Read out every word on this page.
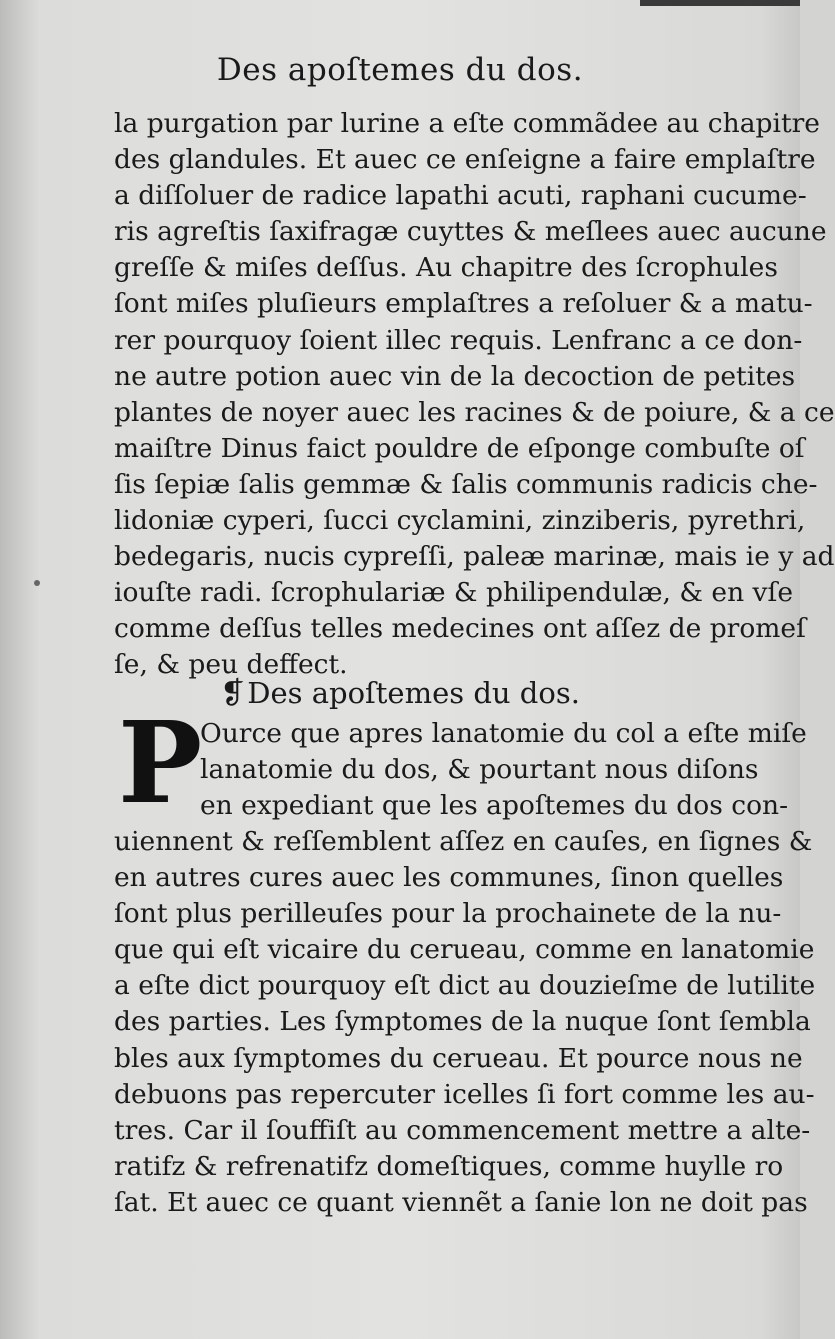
Des apoſtemes du dos.
la purgation par lurine a eſte commãdee au chapitre
des glandules. Et auec ce enſeigne a faire emplaſtre
a diſſoluer de radice lapathi acuti, raphani cucume-
ris agreſtis ſaxifragæ cuyttes & meſlees auec aucune
greſſe & miſes deſſus. Au chapitre des ſcrophules
ſont miſes pluſieurs emplaſtres a reſoluer & a matu-
rer pourquoy ſoient illec requis. Lenfranc a ce don-
ne autre potion auec vin de la decoction de petites
plantes de noyer auec les racines & de poiure, & a ce
maiſtre Dinus faict pouldre de eſponge combuſte oſ
ſis ſepiæ ſalis gemmæ & ſalis communis radicis che-
lidoniæ cyperi, ſucci cyclamini, zinziberis, pyrethri,
bedegaris, nucis cypreſſi, paleæ marinæ, mais ie y ad
iouſte radi. ſcrophulariæ & philipendulæ, & en vſe
comme deſſus telles medecines ont aſſez de promeſ
ſe, & peu deffect.
❡Des apoſtemes du dos.
P
Ource que apres lanatomie du col a eſte miſe
lanatomie du dos, & pourtant nous diſons
en expediant que les apoſtemes du dos con-
uiennent & reſſemblent aſſez en cauſes, en ſignes &
en autres cures auec les communes, ſinon quelles
ſont plus perilleuſes pour la prochainete de la nu-
que qui eſt vicaire du cerueau, comme en lanatomie
a eſte dict pourquoy eſt dict au douzieſme de lutilite
des parties. Les ſymptomes de la nuque ſont ſembla
bles aux ſymptomes du cerueau. Et pource nous ne
debuons pas repercuter icelles ſi fort comme les au-
tres. Car il ſouffiſt au commencement mettre a alte-
ratifz & refrenatifz domeſtiques, comme huylle ro
ſat. Et auec ce quant viennẽt a ſanie lon ne doit pas
